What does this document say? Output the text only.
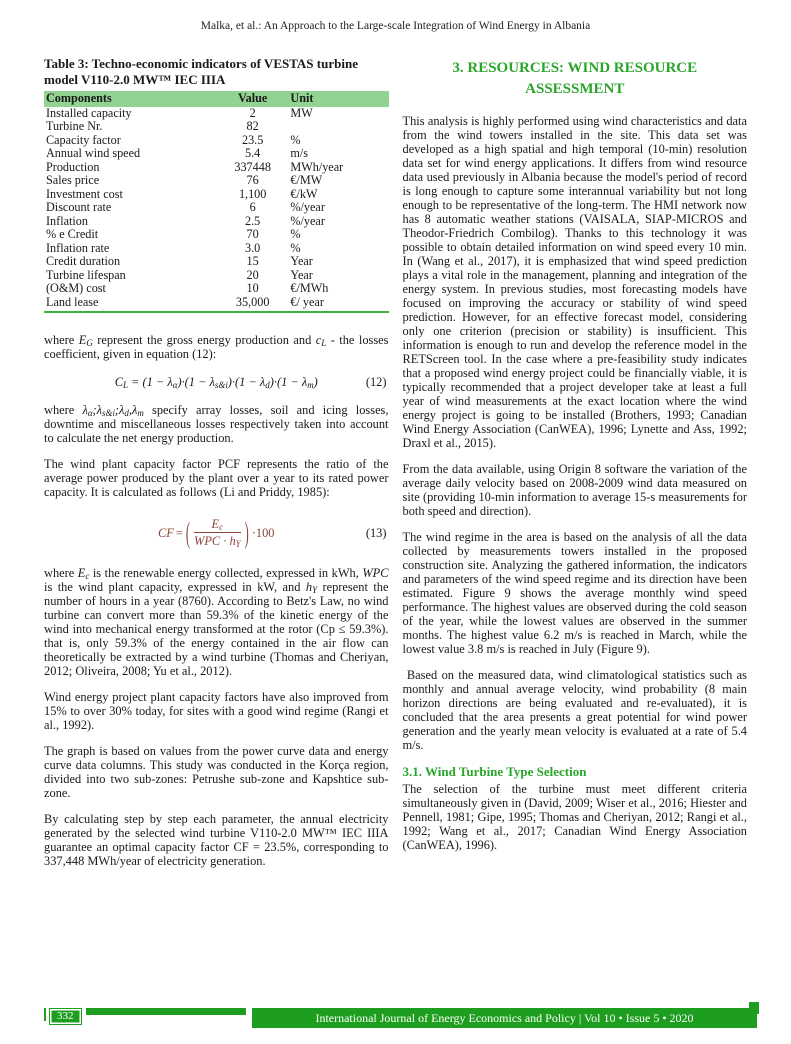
Malka, et al.: An Approach to the Large-scale Integration of Wind Energy in Albania
Table 3: Techno-economic indicators of VESTAS turbine model V110-2.0 MW™ IEC IIIA
Components	Value	Unit
Installed capacity	2	MW
Turbine Nr.	82	
Capacity factor	23.5	%
Annual wind speed	5.4	m/s
Production	337448	MWh/year
Sales price	76	€/MW
Investment cost	1,100	€/kW
Discount rate	6	%/year
Inflation	2.5	%/year
% e Credit	70	%
Inflation rate	3.0	%
Credit duration	15	Year
Turbine lifespan	20	Year
(O&M) cost	10	€/MWh
Land lease	35,000	€/ year

where $E_G$ represent the gross energy production and $c_L$ - the losses coefficient, given in equation (12):

$C_L = (1 - \lambda_\alpha)\cdot(1 - \lambda_{s\&i})\cdot(1 - \lambda_d)\cdot(1 - \lambda_m)$	(12)

where $\lambda_\alpha;\lambda_{s\&i};\lambda_d,\lambda_m$ specify array losses, soil and icing losses, downtime and miscellaneous losses respectively taken into account to calculate the net energy production.

The wind plant capacity factor PCF represents the ratio of the average power produced by the plant over a year to its rated power capacity. It is calculated as follows (Li and Priddy, 1985):

CF = ( $\frac{E_c}{WPC \cdot h_Y}$ ) ·100	(13)

where $E_c$ is the renewable energy collected, expressed in kWh, WPC is the wind plant capacity, expressed in kW, and $h_Y$ represent the number of hours in a year (8760). According to Betz's Law, no wind turbine can convert more than 59.3% of the kinetic energy of the wind into mechanical energy transformed at the rotor (Cp ≤ 59.3%). that is, only 59.3% of the energy contained in the air flow can theoretically be extracted by a wind turbine (Thomas and Cheriyan, 2012; Oliveira, 2008; Yu et al., 2012).

Wind energy project plant capacity factors have also improved from 15% to over 30% today, for sites with a good wind regime (Rangi et al., 1992).

The graph is based on values from the power curve data and energy curve data columns. This study was conducted in the Korça region, divided into two sub-zones: Petrushe sub-zone and Kapshtice sub-zone.

By calculating step by step each parameter, the annual electricity generated by the selected wind turbine V110-2.0 MW™ IEC IIIA guarantee an optimal capacity factor CF = 23.5%, corresponding to 337,448 MWh/year of electricity generation.

3. RESOURCES: WIND RESOURCE ASSESSMENT

This analysis is highly performed using wind characteristics and data from the wind towers installed in the site. This data set was developed as a high spatial and high temporal (10-min) resolution data set for wind energy applications. It differs from wind resource data used previously in Albania because the model's period of record is long enough to capture some interannual variability but not long enough to be representative of the long-term. The HMI network now has 8 automatic weather stations (VAISALA, SIAP-MICROS and Theodor-Friedrich Combilog). Thanks to this technology it was possible to obtain detailed information on wind speed every 10 min. In (Wang et al., 2017), it is emphasized that wind speed prediction plays a vital role in the management, planning and integration of the energy system. In previous studies, most forecasting models have focused on improving the accuracy or stability of wind speed prediction. However, for an effective forecast model, considering only one criterion (precision or stability) is insufficient. This information is enough to run and develop the reference model in the RETScreen tool. In the case where a pre-feasibility study indicates that a proposed wind energy project could be financially viable, it is typically recommended that a project developer take at least a full year of wind measurements at the exact location where the wind energy project is going to be installed (Brothers, 1993; Canadian Wind Energy Association (CanWEA), 1996; Lynette and Ass, 1992; Draxl et al., 2015).

From the data available, using Origin 8 software the variation of the average daily velocity based on 2008-2009 wind data measured on site (providing 10-min information to average 15-s measurements for both speed and direction).

The wind regime in the area is based on the analysis of all the data collected by measurements towers installed in the proposed construction site. Analyzing the gathered information, the indicators and parameters of the wind speed regime and its direction have been estimated. Figure 9 shows the average monthly wind speed performance. The highest values are observed during the cold season of the year, while the lowest values are observed in the summer months. The highest value 6.2 m/s is reached in March, while the lowest value 3.8 m/s is reached in July (Figure 9).

Based on the measured data, wind climatological statistics such as monthly and annual average velocity, wind probability (8 main horizon directions are being evaluated and re-evaluated), it is concluded that the area presents a great potential for wind power generation and the yearly mean velocity is evaluated at a rate of 5.4 m/s.

3.1. Wind Turbine Type Selection

The selection of the turbine must meet different criteria simultaneously given in (David, 2009; Wiser et al., 2016; Hiester and Pennell, 1981; Gipe, 1995; Thomas and Cheriyan, 2012; Rangi et al., 1992; Wang et al., 2017; Canadian Wind Energy Association (CanWEA), 1996).

332	International Journal of Energy Economics and Policy | Vol 10 • Issue 5 • 2020
